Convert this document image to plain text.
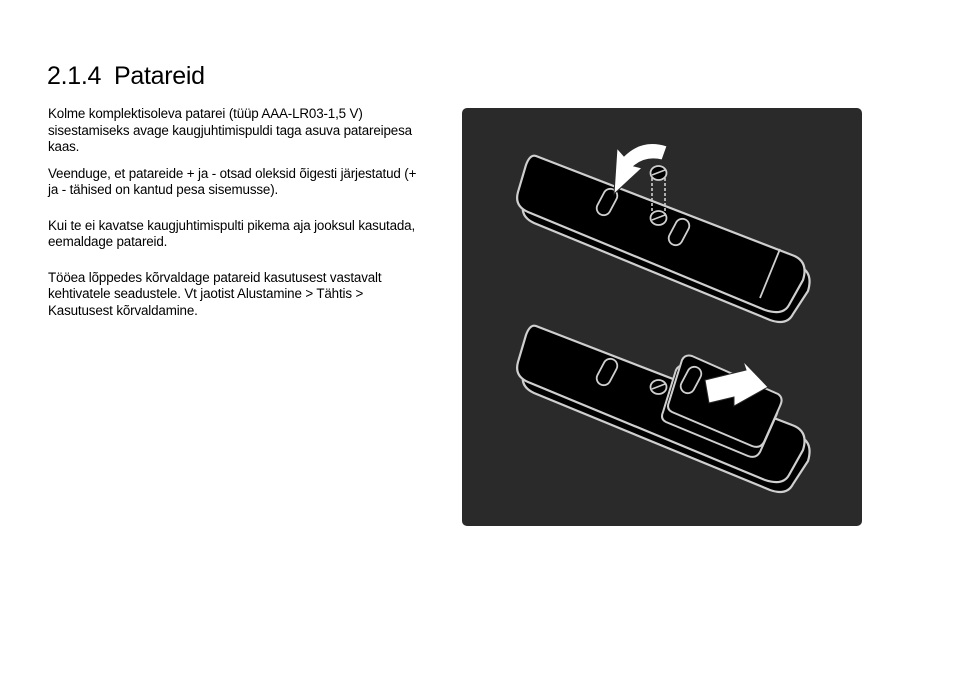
2.1.4 Patareid

Kolme komplektisoleva patarei (tüüp AAA-LR03-1,5 V) sisestamiseks avage kaugjuhtimispuldi taga asuva patareipesa kaas.

Veenduge, et patareide + ja - otsad oleksid õigesti järjestatud (+ ja - tähised on kantud pesa sisemusse).

Kui te ei kavatse kaugjuhtimispulti pikema aja jooksul kasutada, eemaldage patareid.

Tööea lõppedes kõrvaldage patareid kasutusest vastavalt kehtivatele seadustele. Vt jaotist Alustamine > Tähtis > Kasutusest kõrvaldamine.
